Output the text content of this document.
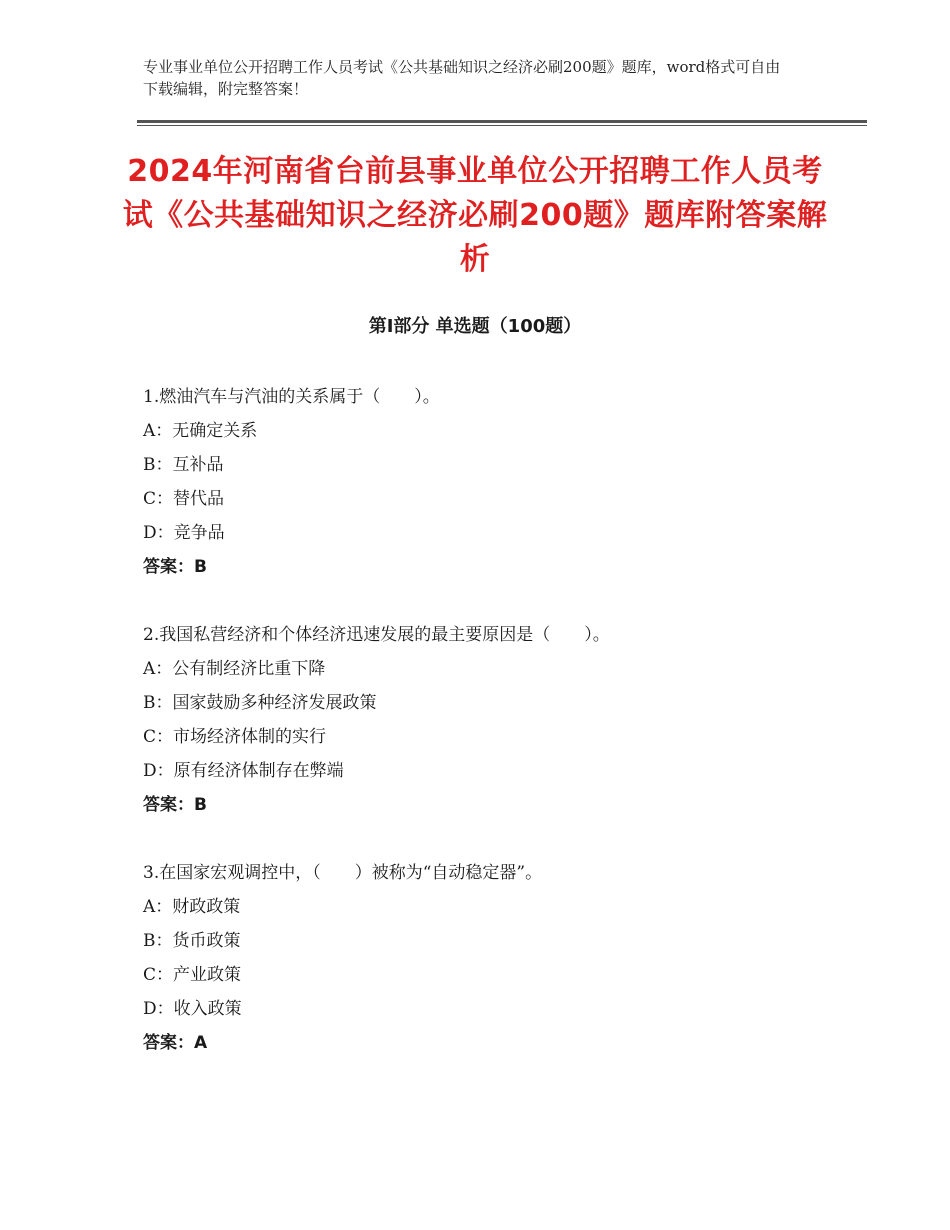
专业事业单位公开招聘工作人员考试《公共基础知识之经济必刷200题》题库，word格式可自由下载编辑，附完整答案！
2024年河南省台前县事业单位公开招聘工作人员考试《公共基础知识之经济必刷200题》题库附答案解析
第Ⅰ部分 单选题（100题）
1.燃油汽车与汽油的关系属于（　　）。
A：无确定关系
B：互补品
C：替代品
D：竞争品
答案：B
2.我国私营经济和个体经济迅速发展的最主要原因是（　　）。
A：公有制经济比重下降
B：国家鼓励多种经济发展政策
C：市场经济体制的实行
D：原有经济体制存在弊端
答案：B
3.在国家宏观调控中，（　　）被称为“自动稳定器”。
A：财政政策
B：货币政策
C：产业政策
D：收入政策
答案：A
